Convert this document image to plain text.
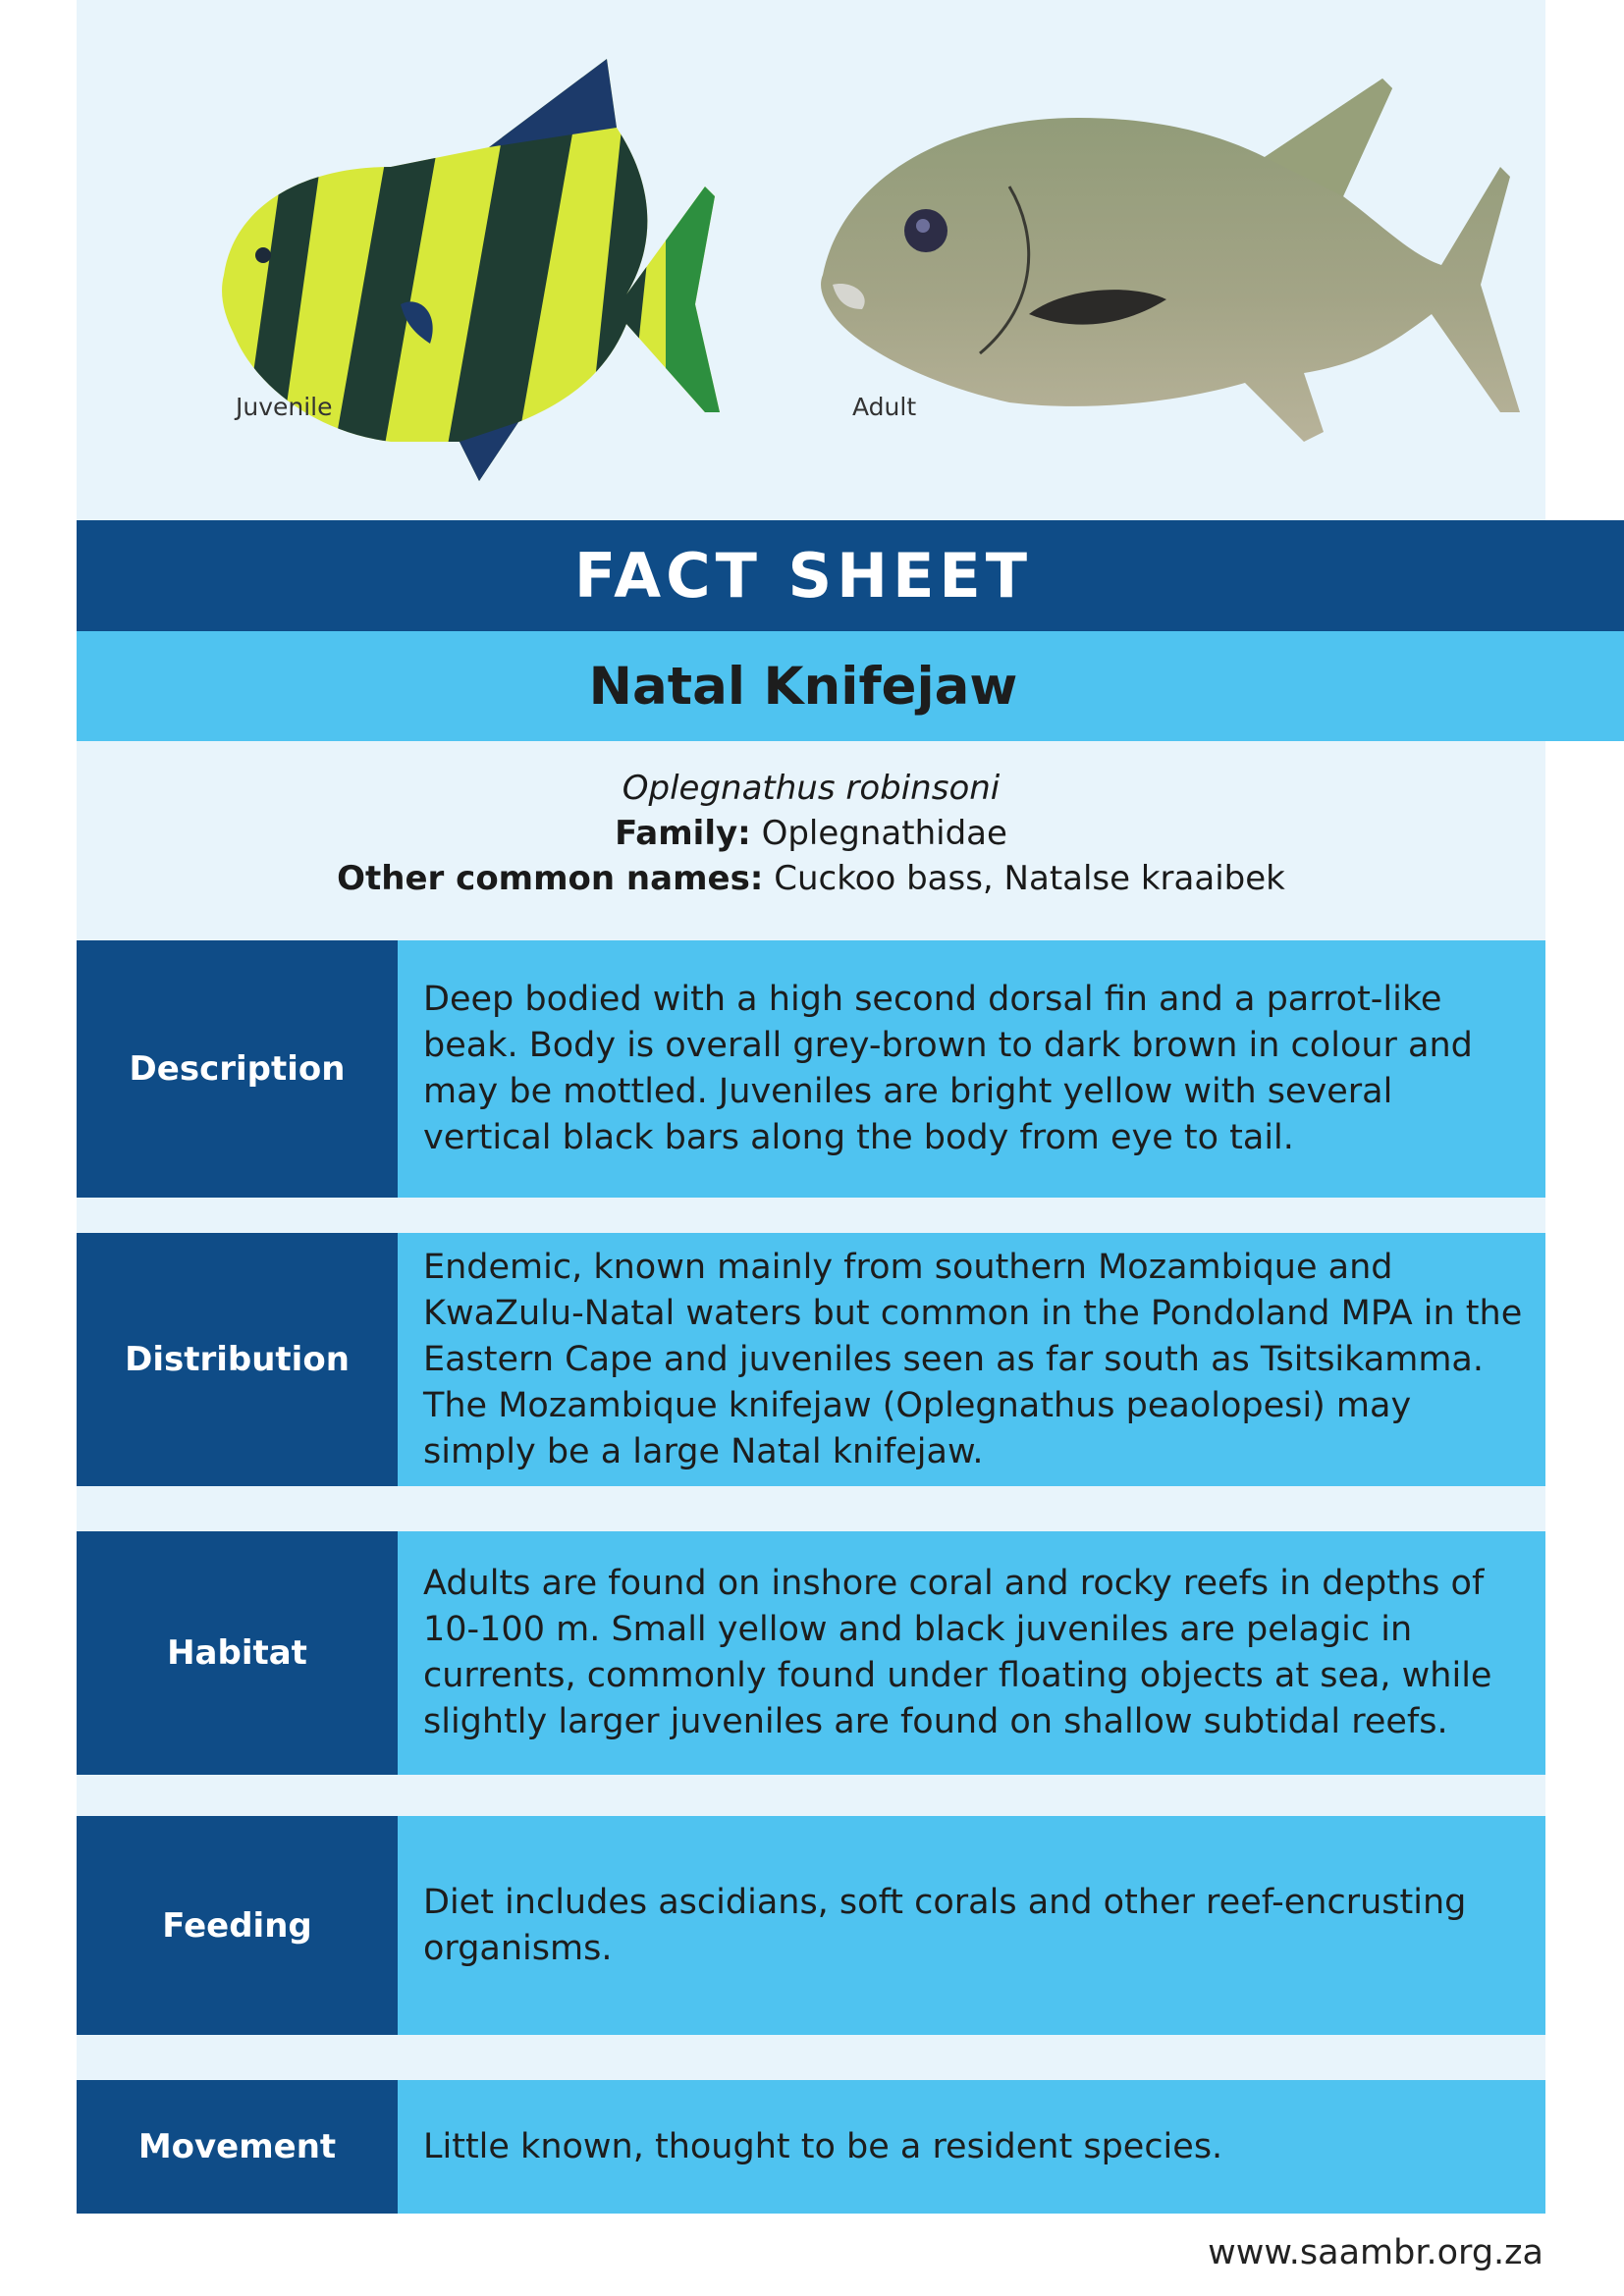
Juvenile	Adult
FACT SHEET
Natal Knifejaw
Oplegnathus robinsoni
Family: Oplegnathidae
Other common names: Cuckoo bass, Natalse kraaibek
Description
Deep bodied with a high second dorsal fin and a parrot-like beak. Body is overall grey-brown to dark brown in colour and may be mottled. Juveniles are bright yellow with several vertical black bars along the body from eye to tail.
Distribution
Endemic, known mainly from southern Mozambique and KwaZulu-Natal waters but common in the Pondoland MPA in the Eastern Cape and juveniles seen as far south as Tsitsikamma. The Mozambique knifejaw (Oplegnathus peaolopesi) may simply be a large Natal knifejaw.
Habitat
Adults are found on inshore coral and rocky reefs in depths of 10-100 m. Small yellow and black juveniles are pelagic in currents, commonly found under floating objects at sea, while slightly larger juveniles are found on shallow subtidal reefs.
Feeding
Diet includes ascidians, soft corals and other reef-encrusting organisms.
Movement	Little known, thought to be a resident species.
www.saambr.org.za
